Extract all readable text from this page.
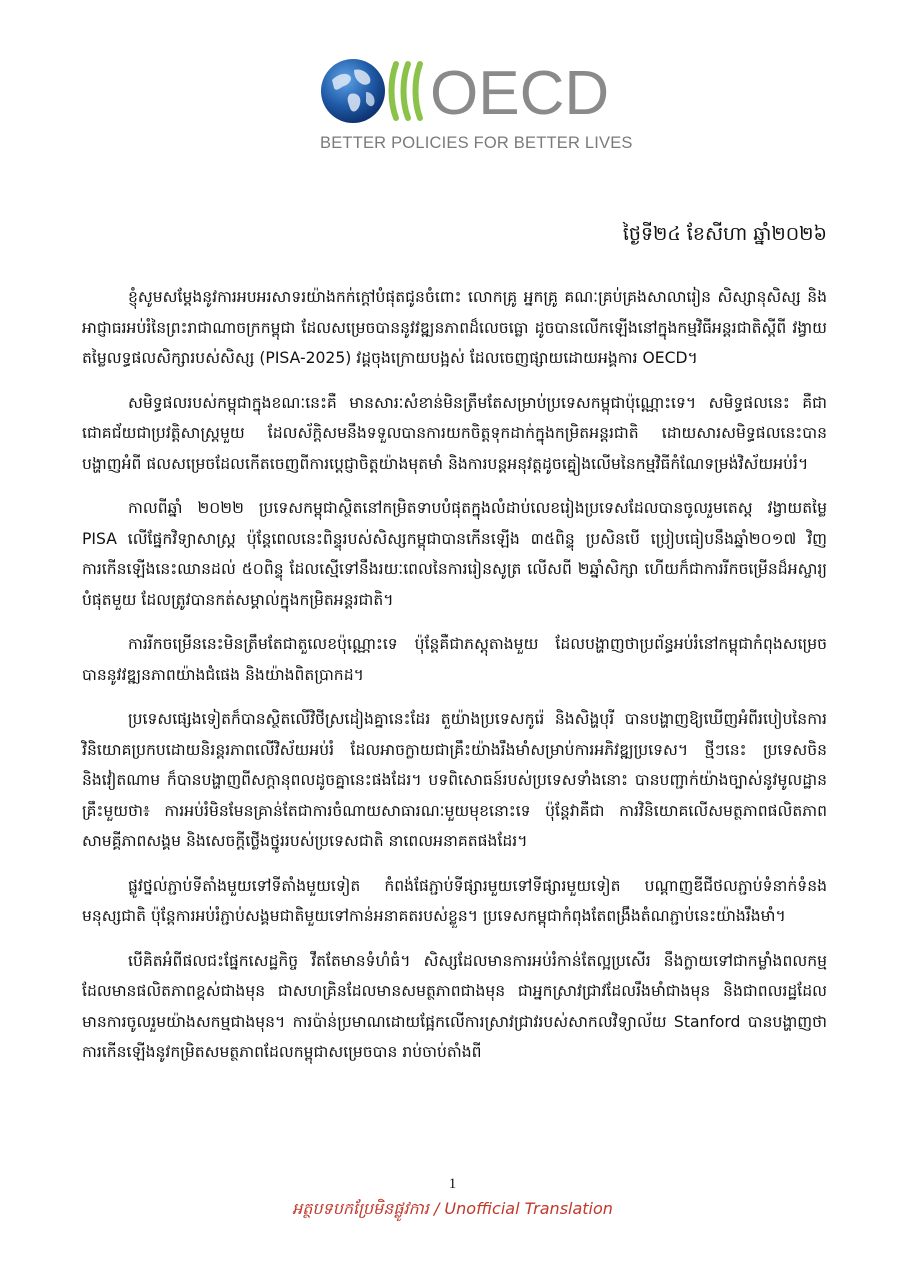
OECD
BETTER POLICIES FOR BETTER LIVES
ថ្ងៃទី២៤ ខែសីហា ឆ្នាំ២០២៦

ខ្ញុំសូមសម្ដែងនូវការអបអរសាទរយ៉ាងកក់ក្ដៅបំផុតជូនចំពោះ លោកគ្រូ អ្នកគ្រូ គណៈគ្រប់គ្រងសាលារៀន សិស្សានុសិស្ស និងអាជ្ញាធរអប់រំនៃព្រះរាជាណាចក្រកម្ពុជា ដែលសម្រេចបាននូវវឌ្ឍនភាពដ៏លេចធ្លោ ដូចបានលើកឡើងនៅក្នុងកម្មវិធីអន្តរជាតិស្ដីពី វង្វាយតម្លៃលទ្ធផលសិក្សារបស់សិស្ស (PISA-2025) វដ្ដចុងក្រោយបង្អស់ ដែលចេញផ្សាយដោយអង្គការ OECD។

សមិទ្ធផលរបស់កម្ពុជាក្នុងខណៈនេះគឺ មានសារៈសំខាន់មិនត្រឹមតែសម្រាប់ប្រទេសកម្ពុជាប៉ុណ្ណោះទេ។ សមិទ្ធផលនេះ គឺជាជោគជ័យជាប្រវត្តិសាស្ត្រមួយ ដែលស័ក្តិសមនឹងទទួលបានការយកចិត្តទុកដាក់ក្នុងកម្រិតអន្តរជាតិ ដោយសារសមិទ្ធផលនេះបានបង្ហាញអំពី ផលសម្រេចដែលកើតចេញពីការប្ដេជ្ញាចិត្តយ៉ាងមុតមាំ និងការបន្តអនុវត្តដូចគ្នៀងលើមនៃកម្មវិធីកំណែទម្រង់វិស័យអប់រំ។

កាលពីឆ្នាំ ២០២២ ប្រទេសកម្ពុជាស្ថិតនៅកម្រិតទាបបំផុតក្នុងលំដាប់លេខរៀងប្រទេសដែលបានចូលរួមតេស្ត វង្វាយតម្លៃ PISA លើផ្នែកវិទ្យាសាស្ត្រ ប៉ុន្តែពេលនេះពិន្ទុរបស់សិស្សកម្ពុជាបានកើនឡើង ៣៥ពិន្ទុ ប្រសិនបើ ប្រៀបធៀបនឹងឆ្នាំ២០១៧ វិញ ការកើនឡើងនេះឈានដល់ ៥០ពិន្ទុ ដែលស្មើទៅនឹងរយៈពេលនៃការរៀនសូត្រ លើសពី ២ឆ្នាំសិក្សា ហើយក៏ជាការរីកចម្រើនដ៏អស្ចារ្យបំផុតមួយ ដែលត្រូវបានកត់សម្គាល់ក្នុងកម្រិតអន្តរជាតិ។

ការរីកចម្រើននេះមិនត្រឹមតែជាតួលេខប៉ុណ្ណោះទេ ប៉ុន្តែគឺជាភស្តុតាងមួយ ដែលបង្ហាញថាប្រព័ន្ធអប់រំនៅកម្ពុជាកំពុងសម្រេចបាននូវវឌ្ឍនភាពយ៉ាងជំផេង និងយ៉ាងពិតប្រាកដ។

ប្រទេសផ្សេងទៀតក៏បានស្ថិតលើវិថីស្រដៀងគ្នានេះដែរ តួយ៉ាងប្រទេសកូរ៉េ និងសិង្ហបុរី បានបង្ហាញឱ្យឃើញអំពីរបៀបនៃការវិនិយោគប្រកបដោយនិរន្តរភាពលើវិស័យអប់រំ ដែលអាចក្លាយជាគ្រឹះយ៉ាងរឹងមាំសម្រាប់ការអភិវឌ្ឍប្រទេស។ ថ្មីៗនេះ ប្រទេសចិន និងវៀតណាម ក៏បានបង្ហាញពីសក្ដានុពលដូចគ្នានេះផងដែរ។ បទពិសោធន៍របស់ប្រទេសទាំងនោះ បានបញ្ជាក់យ៉ាងច្បាស់នូវមូលដ្ឋានគ្រឹះមួយថា៖ ការអប់រំមិនមែនគ្រាន់តែជាការចំណាយសាធារណៈមួយមុខនោះទេ ប៉ុន្តែវាគឺជា ការវិនិយោគលើសមត្ថភាពផលិតភាព សាមគ្គីភាពសង្គម និងសេចក្ដីថ្លើងថ្នូររបស់ប្រទេសជាតិ នាពេលអនាគតផងដែរ។

ផ្លូវថ្នល់ភ្ជាប់ទីតាំងមួយទៅទីតាំងមួយទៀត កំពង់ផែភ្ជាប់ទីផ្សារមួយទៅទីផ្សារមួយទៀត បណ្ដាញឌីជីថលភ្ជាប់ទំនាក់ទំនងមនុស្សជាតិ ប៉ុន្តែការអប់រំភ្ជាប់សង្គមជាតិមួយទៅកាន់អនាគតរបស់ខ្លួន។ ប្រទេសកម្ពុជាកំពុងតែពង្រឹងតំណភ្ជាប់នេះយ៉ាងរឹងមាំ។

បើគិតអំពីផលជះផ្នែកសេដ្ឋកិច្ច វឹតតែមានទំហំធំ។ សិស្សដែលមានការអប់រំកាន់តែល្អប្រសើរ នឹងក្លាយទៅជាកម្លាំងពលកម្មដែលមានផលិតភាពខ្ពស់ជាងមុន ជាសហគ្រិនដែលមានសមត្ថភាពជាងមុន ជាអ្នកស្រាវជ្រាវដែលរឹងមាំជាងមុន និងជាពលរដ្ឋដែលមានការចូលរួមយ៉ាងសកម្មជាងមុន។ ការប៉ាន់ប្រមាណដោយផ្អែកលើការស្រាវជ្រាវរបស់សាកលវិទ្យាល័យ Stanford បានបង្ហាញថា ការកើនឡើងនូវកម្រិតសមត្ថភាពដែលកម្ពុជាសម្រេចបាន រាប់ចាប់តាំងពី

1
អត្ថបទបកប្រែមិនផ្លូវការ / Unofficial Translation
